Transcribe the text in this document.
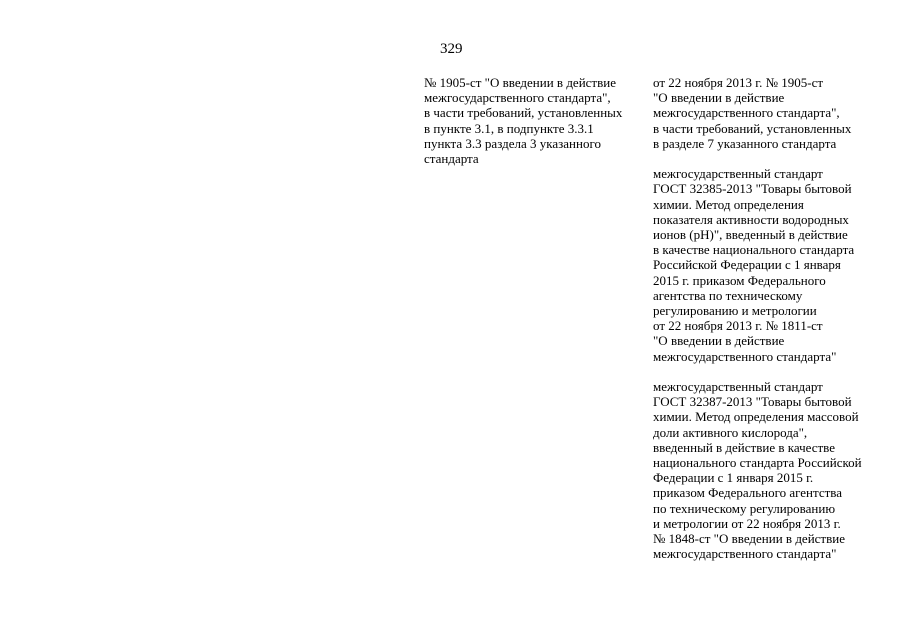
329
№ 1905-ст "О введении в действие
межгосударственного стандарта",
в части требований, установленных
в пункте 3.1, в подпункте 3.3.1
пункта 3.3 раздела 3 указанного
стандарта
от 22 ноября 2013 г. № 1905-ст
"О введении в действие
межгосударственного стандарта",
в части требований, установленных
в разделе 7 указанного стандарта
межгосударственный стандарт
ГОСТ 32385-2013 "Товары бытовой
химии. Метод определения
показателя активности водородных
ионов (pH)", введенный в действие
в качестве национального стандарта
Российской Федерации с 1 января
2015 г. приказом Федерального
агентства по техническому
регулированию и метрологии
от 22 ноября 2013 г. № 1811-ст
"О введении в действие
межгосударственного стандарта"
межгосударственный стандарт
ГОСТ 32387-2013 "Товары бытовой
химии. Метод определения массовой
доли активного кислорода",
введенный в действие в качестве
национального стандарта Российской
Федерации с 1 января 2015 г.
приказом Федерального агентства
по техническому регулированию
и метрологии от 22 ноября 2013 г.
№ 1848-ст "О введении в действие
межгосударственного стандарта"
